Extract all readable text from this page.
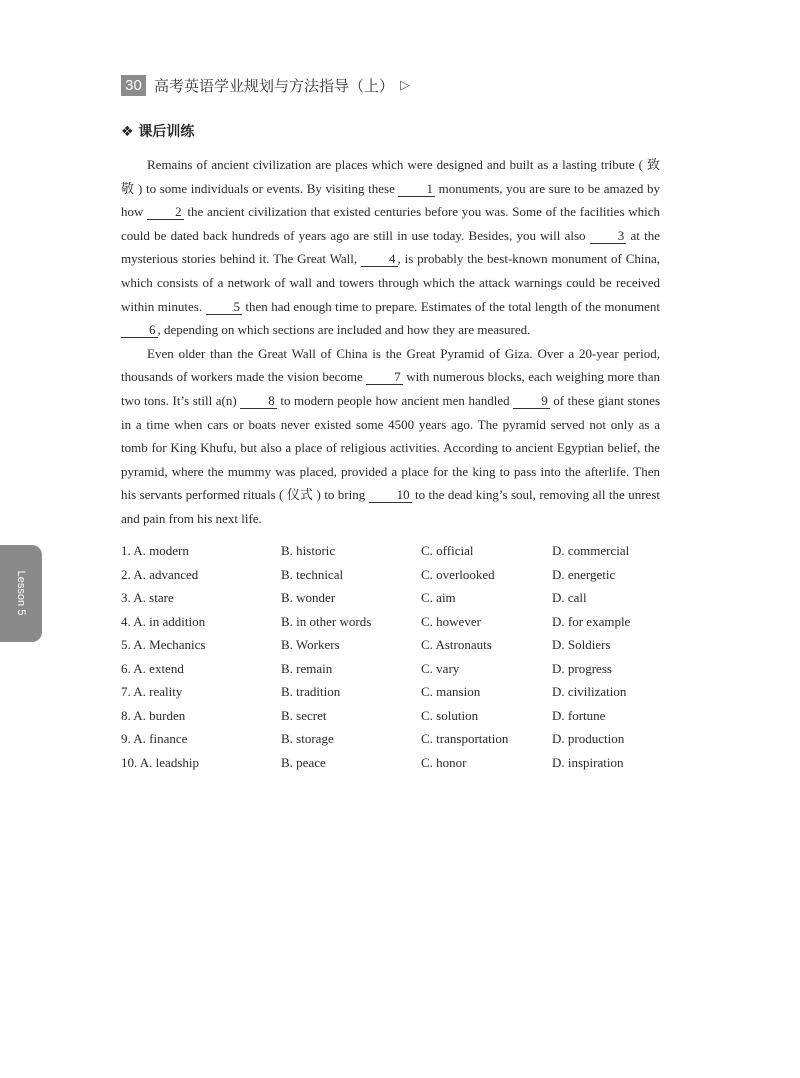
30 高考英语学业规划与方法指导（上） ▷
❖ 课后训练

Remains of ancient civilization are places which were designed and built as a lasting tribute ( 致敬 ) to some individuals or events. By visiting these 1 monuments, you are sure to be amazed by how 2 the ancient civilization that existed centuries before you was. Some of the facilities which could be dated back hundreds of years ago are still in use today. Besides, you will also 3 at the mysterious stories behind it. The Great Wall, 4 , is probably the best-known monument of China, which consists of a network of wall and towers through which the attack warnings could be received within minutes. 5 then had enough time to prepare. Estimates of the total length of the monument 6 , depending on which sections are included and how they are measured.

Even older than the Great Wall of China is the Great Pyramid of Giza. Over a 20-year period, thousands of workers made the vision become 7 with numerous blocks, each weighing more than two tons. It’s still a(n) 8 to modern people how ancient men handled 9 of these giant stones in a time when cars or boats never existed some 4500 years ago. The pyramid served not only as a tomb for King Khufu, but also a place of religious activities. According to ancient Egyptian belief, the pyramid, where the mummy was placed, provided a place for the king to pass into the afterlife. Then his servants performed rituals ( 仪式 ) to bring 10 to the dead king’s soul, removing all the unrest and pain from his next life.

1. A. modern	B. historic	C. official	D. commercial
2. A. advanced	B. technical	C. overlooked	D. energetic
3. A. stare	B. wonder	C. aim	D. call
4. A. in addition	B. in other words	C. however	D. for example
5. A. Mechanics	B. Workers	C. Astronauts	D. Soldiers
6. A. extend	B. remain	C. vary	D. progress
7. A. reality	B. tradition	C. mansion	D. civilization
8. A. burden	B. secret	C. solution	D. fortune
9. A. finance	B. storage	C. transportation	D. production
10. A. leadship	B. peace	C. honor	D. inspiration
Lesson 5
